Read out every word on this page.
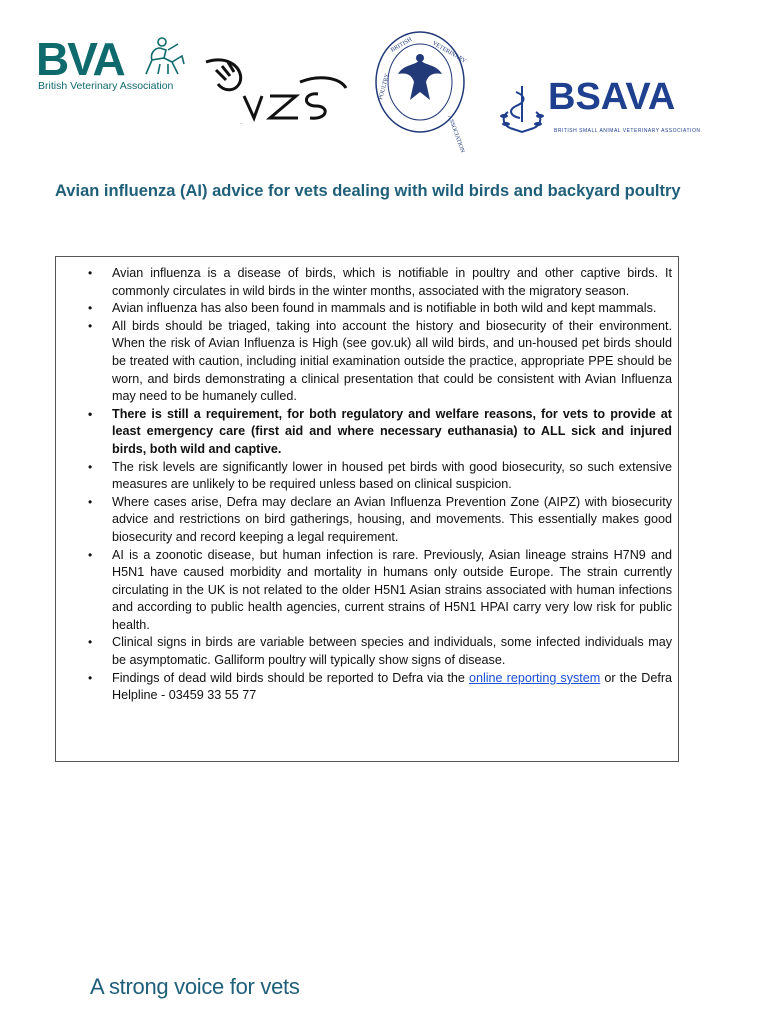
BVA
British Veterinary Association
BVZS
BRITISH	VETERINARY
POULTRY
ASSOCIATION
BSAVA
BRITISH SMALL ANIMAL VETERINARY ASSOCIATION
Avian influenza (AI) advice for vets dealing with wild birds and backyard poultry
• Avian influenza is a disease of birds, which is notifiable in poultry and other captive birds. It commonly circulates in wild birds in the winter months, associated with the migratory season.
• Avian influenza has also been found in mammals and is notifiable in both wild and kept mammals.
• All birds should be triaged, taking into account the history and biosecurity of their environment. When the risk of Avian Influenza is High (see gov.uk) all wild birds, and un-housed pet birds should be treated with caution, including initial examination outside the practice, appropriate PPE should be worn, and birds demonstrating a clinical presentation that could be consistent with Avian Influenza may need to be humanely culled.
• There is still a requirement, for both regulatory and welfare reasons, for vets to provide at least emergency care (first aid and where necessary euthanasia) to ALL sick and injured birds, both wild and captive.
• The risk levels are significantly lower in housed pet birds with good biosecurity, so such extensive measures are unlikely to be required unless based on clinical suspicion.
• Where cases arise, Defra may declare an Avian Influenza Prevention Zone (AIPZ) with biosecurity advice and restrictions on bird gatherings, housing, and movements. This essentially makes good biosecurity and record keeping a legal requirement.
• AI is a zoonotic disease, but human infection is rare. Previously, Asian lineage strains H7N9 and H5N1 have caused morbidity and mortality in humans only outside Europe. The strain currently circulating in the UK is not related to the older H5N1 Asian strains associated with human infections and according to public health agencies, current strains of H5N1 HPAI carry very low risk for public health.
• Clinical signs in birds are variable between species and individuals, some infected individuals may be asymptomatic. Galliform poultry will typically show signs of disease.
• Findings of dead wild birds should be reported to Defra via the online reporting system or the Defra Helpline - 03459 33 55 77
A strong voice for vets
